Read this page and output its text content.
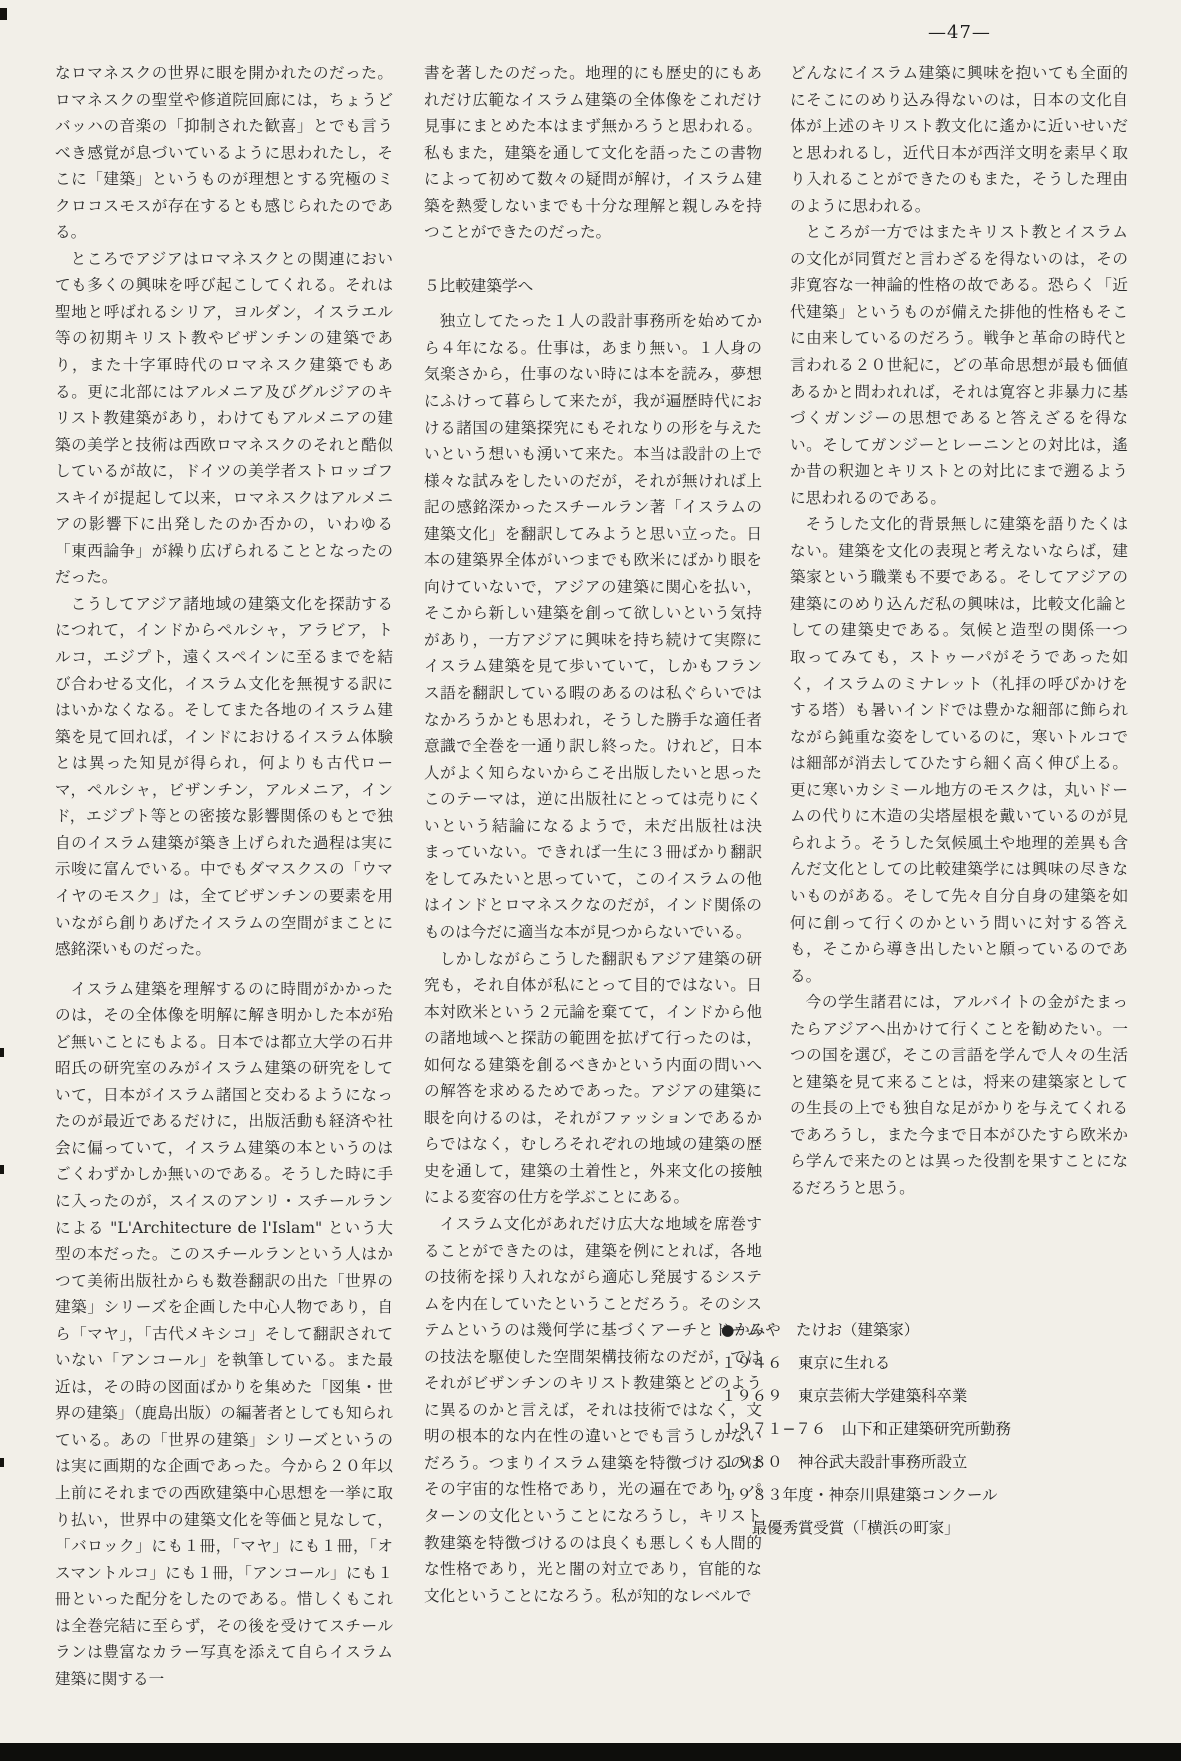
—47—

なロマネスクの世界に眼を開かれたのだった。ロマネスクの聖堂や修道院回廊には，ちょうどバッハの音楽の「抑制された歓喜」とでも言うべき感覚が息づいているように思われたし，そこに「建築」というものが理想とする究極のミクロコスモスが存在するとも感じられたのである。

ところでアジアはロマネスクとの関連においても多くの興味を呼び起こしてくれる。それは聖地と呼ばれるシリア，ヨルダン，イスラエル等の初期キリスト教やビザンチンの建築であり，また十字軍時代のロマネスク建築でもある。更に北部にはアルメニア及びグルジアのキリスト教建築があり，わけてもアルメニアの建築の美学と技術は西欧ロマネスクのそれと酷似しているが故に，ドイツの美学者ストロッゴフスキイが提起して以来，ロマネスクはアルメニアの影響下に出発したのか否かの，いわゆる「東西論争」が繰り広げられることとなったのだった。

こうしてアジア諸地域の建築文化を探訪するにつれて，インドからペルシャ，アラビア，トルコ，エジプト，遠くスペインに至るまでを結び合わせる文化，イスラム文化を無視する訳にはいかなくなる。そしてまた各地のイスラム建築を見て回れば，インドにおけるイスラム体験とは異った知見が得られ，何よりも古代ローマ，ペルシャ，ビザンチン，アルメニア，インド，エジプト等との密接な影響関係のもとで独自のイスラム建築が築き上げられた過程は実に示唆に富んでいる。中でもダマスクスの「ウマイヤのモスク」は，全てビザンチンの要素を用いながら創りあげたイスラムの空間がまことに感銘深いものだった。

イスラム建築を理解するのに時間がかかったのは，その全体像を明解に解き明かした本が殆ど無いことにもよる。日本では都立大学の石井昭氏の研究室のみがイスラム建築の研究をしていて，日本がイスラム諸国と交わるようになったのが最近であるだけに，出版活動も経済や社会に偏っていて，イスラム建築の本というのはごくわずかしか無いのである。そうした時に手に入ったのが，スイスのアンリ・スチールランによる "L'Architecture de l'Islam" という大型の本だった。このスチールランという人はかつて美術出版社からも数巻翻訳の出た「世界の建築」シリーズを企画した中心人物であり，自ら「マヤ」，「古代メキシコ」そして翻訳されていない「アンコール」を執筆している。また最近は，その時の図面ばかりを集めた「図集・世界の建築」（鹿島出版）の編著者としても知られている。あの「世界の建築」シリーズというのは実に画期的な企画であった。今から２０年以上前にそれまでの西欧建築中心思想を一挙に取り払い，世界中の建築文化を等価と見なして，「バロック」にも１冊，「マヤ」にも１冊，「オスマントルコ」にも１冊，「アンコール」にも１冊といった配分をしたのである。惜しくもこれは全巻完結に至らず，その後を受けてスチールランは豊富なカラー写真を添えて自らイスラム建築に関する一

書を著したのだった。地理的にも歴史的にもあれだけ広範なイスラム建築の全体像をこれだけ見事にまとめた本はまず無かろうと思われる。私もまた，建築を通して文化を語ったこの書物によって初めて数々の疑問が解け，イスラム建築を熱愛しないまでも十分な理解と親しみを持つことができたのだった。

５比較建築学へ

独立してたった１人の設計事務所を始めてから４年になる。仕事は，あまり無い。１人身の気楽さから，仕事のない時には本を読み，夢想にふけって暮らして来たが，我が遍歴時代における諸国の建築探究にもそれなりの形を与えたいという想いも湧いて来た。本当は設計の上で様々な試みをしたいのだが，それが無ければ上記の感銘深かったスチールラン著「イスラムの建築文化」を翻訳してみようと思い立った。日本の建築界全体がいつまでも欧米にばかり眼を向けていないで，アジアの建築に関心を払い，そこから新しい建築を創って欲しいという気持があり，一方アジアに興味を持ち続けて実際にイスラム建築を見て歩いていて，しかもフランス語を翻訳している暇のあるのは私ぐらいではなかろうかとも思われ，そうした勝手な適任者意識で全巻を一通り訳し終った。けれど，日本人がよく知らないからこそ出版したいと思ったこのテーマは，逆に出版社にとっては売りにくいという結論になるようで，未だ出版社は決まっていない。できれば一生に３冊ばかり翻訳をしてみたいと思っていて，このイスラムの他はインドとロマネスクなのだが，インド関係のものは今だに適当な本が見つからないでいる。

しかしながらこうした翻訳もアジア建築の研究も，それ自体が私にとって目的ではない。日本対欧米という２元論を棄てて，インドから他の諸地域へと探訪の範囲を拡げて行ったのは，如何なる建築を創るべきかという内面の問いへの解答を求めるためであった。アジアの建築に眼を向けるのは，それがファッションであるからではなく，むしろそれぞれの地域の建築の歴史を通して，建築の土着性と，外来文化の接触による変容の仕方を学ぶことにある。

イスラム文化があれだけ広大な地域を席巻することができたのは，建築を例にとれば，各地の技術を採り入れながら適応し発展するシステムを内在していたということだろう。そのシステムというのは幾何学に基づくアーチとドームの技法を駆使した空間架構技術なのだが，ではそれがビザンチンのキリスト教建築とどのように異るのかと言えば，それは技術ではなく，文明の根本的な内在性の違いとでも言うしかないだろう。つまりイスラム建築を特徴づけるのはその宇宙的な性格であり，光の遍在であり，パターンの文化ということになろうし，キリスト教建築を特徴づけるのは良くも悪しくも人間的な性格であり，光と闇の対立であり，官能的な文化ということになろう。私が知的なレベルで

どんなにイスラム建築に興味を抱いても全面的にそこにのめり込み得ないのは，日本の文化自体が上述のキリスト教文化に遙かに近いせいだと思われるし，近代日本が西洋文明を素早く取り入れることができたのもまた，そうした理由のように思われる。

ところが一方ではまたキリスト教とイスラムの文化が同質だと言わざるを得ないのは，その非寛容な一神論的性格の故である。恐らく「近代建築」というものが備えた排他的性格もそこに由来しているのだろう。戦争と革命の時代と言われる２０世紀に，どの革命思想が最も価値あるかと問われれば，それは寛容と非暴力に基づくガンジーの思想であると答えざるを得ない。そしてガンジーとレーニンとの対比は，遙か昔の釈迦とキリストとの対比にまで遡るように思われるのである。

そうした文化的背景無しに建築を語りたくはない。建築を文化の表現と考えないならば，建築家という職業も不要である。そしてアジアの建築にのめり込んだ私の興味は，比較文化論としての建築史である。気候と造型の関係一つ取ってみても，ストゥーパがそうであった如く，イスラムのミナレット（礼拝の呼びかけをする塔）も暑いインドでは豊かな細部に飾られながら鈍重な姿をしているのに，寒いトルコでは細部が消去してひたすら細く高く伸び上る。更に寒いカシミール地方のモスクは，丸いドームの代りに木造の尖塔屋根を戴いているのが見られよう。そうした気候風土や地理的差異も含んだ文化としての比較建築学には興味の尽きないものがある。そして先々自分自身の建築を如何に創って行くのかという問いに対する答えも，そこから導き出したいと願っているのである。

今の学生諸君には，アルバイトの金がたまったらアジアへ出かけて行くことを勧めたい。一つの国を選び，そこの言語を学んで人々の生活と建築を見て来ることは，将来の建築家としての生長の上でも独自な足がかりを与えてくれるであろうし，また今まで日本がひたすら欧米から学んで来たのとは異った役割を果すことになるだろうと思う。

●かみや　たけお（建築家）
１９４６　東京に生れる
１９６９　東京芸術大学建築科卒業
１９７１−７６　山下和正建築研究所勤務
１９８０　神谷武夫設計事務所設立
１９８３年度・神奈川県建築コンクール
　　最優秀賞受賞（「横浜の町家」
